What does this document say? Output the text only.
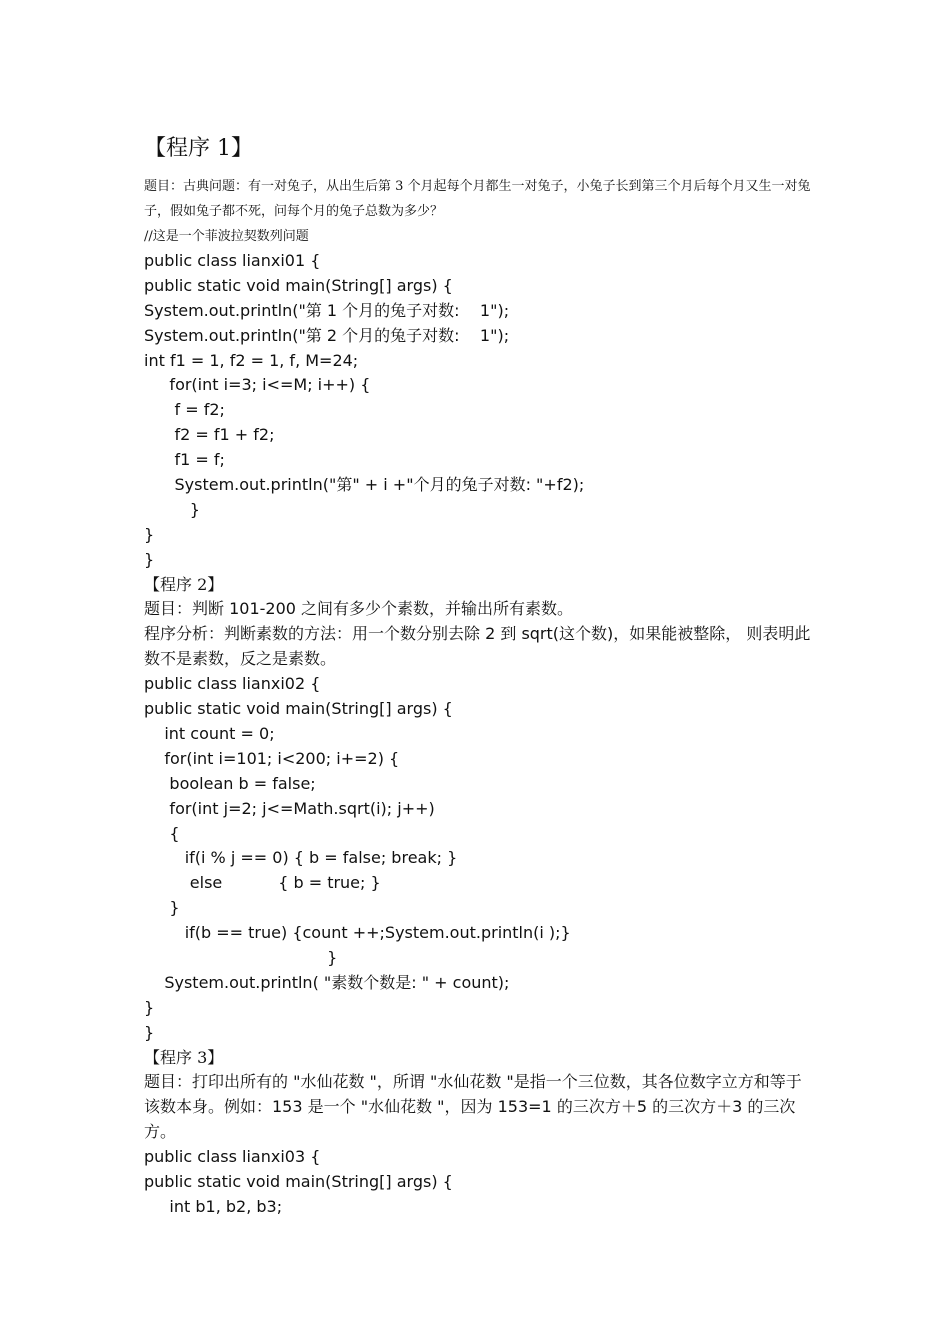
【程序 1】
题目：古典问题：有一对兔子，从出生后第 3 个月起每个月都生一对兔子，小兔子长到第三个月后每个月又生一对兔子，假如兔子都不死，问每个月的兔子总数为多少？
//这是一个菲波拉契数列问题
public class lianxi01 {
public static void main(String[] args) {
System.out.println("第 1 个月的兔子对数:    1");
System.out.println("第 2 个月的兔子对数:    1");
int f1 = 1, f2 = 1, f, M=24;
for(int i=3; i<=M; i++) {
f = f2;
f2 = f1 + f2;
f1 = f;
System.out.println("第" + i +"个月的兔子对数: "+f2);
}
}
}
【程序 2】
题目：判断 101-200 之间有多少个素数，并输出所有素数。
程序分析：判断素数的方法：用一个数分别去除 2 到 sqrt(这个数)，如果能被整除， 则表明此数不是素数，反之是素数。
public class lianxi02 {
public static void main(String[] args) {
int count = 0;
for(int i=101; i<200; i+=2) {
boolean b = false;
for(int j=2; j<=Math.sqrt(i); j++)
{
if(i % j == 0) { b = false; break; }
else           { b = true; }
}
if(b == true) {count ++;System.out.println(i );}
}
System.out.println( "素数个数是: " + count);
}
}
【程序 3】
题目：打印出所有的 "水仙花数 "，所谓 "水仙花数 "是指一个三位数，其各位数字立方和等于该数本身。例如：153 是一个 "水仙花数 "，因为 153=1 的三次方＋5 的三次方＋3 的三次方。
public class lianxi03 {
public static void main(String[] args) {
int b1, b2, b3;
